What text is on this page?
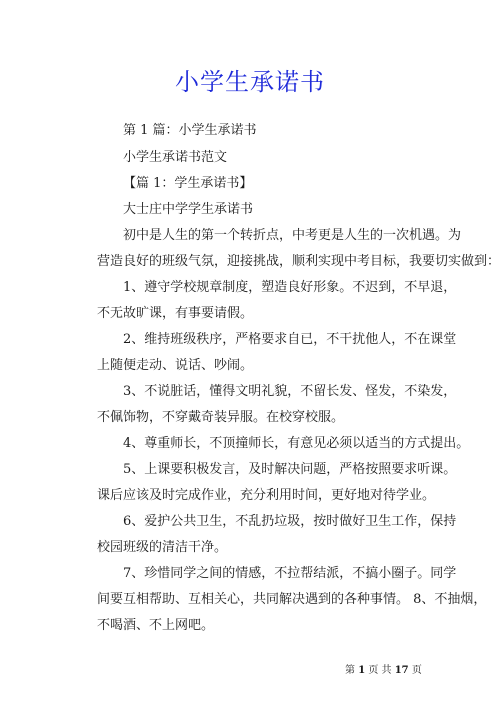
小学生承诺书
第 1 篇：小学生承诺书
小学生承诺书范文
【篇 1：学生承诺书】
大士庄中学学生承诺书
初中是人生的第一个转折点，中考更是人生的一次机遇。为
营造良好的班级气氛，迎接挑战，顺利实现中考目标，我要切实做到：
1、遵守学校规章制度，塑造良好形象。不迟到，不早退，
不无故旷课，有事要请假。
2、维持班级秩序，严格要求自已，不干扰他人，不在课堂
上随便走动、说话、吵闹。
3、不说脏话，懂得文明礼貌，不留长发、怪发，不染发，
不佩饰物，不穿戴奇装异服。在校穿校服。
4、尊重师长，不顶撞师长，有意见必须以适当的方式提出。
5、上课要积极发言，及时解决问题，严格按照要求听课。
课后应该及时完成作业，充分利用时间，更好地对待学业。
6、爱护公共卫生，不乱扔垃圾，按时做好卫生工作，保持
校园班级的清洁干净。
7、珍惜同学之间的情感，不拉帮结派，不搞小圈子。同学
间要互相帮助、互相关心，共同解决遇到的各种事情。 8、不抽烟，
不喝酒、不上网吧。
第 1 页 共 17 页
